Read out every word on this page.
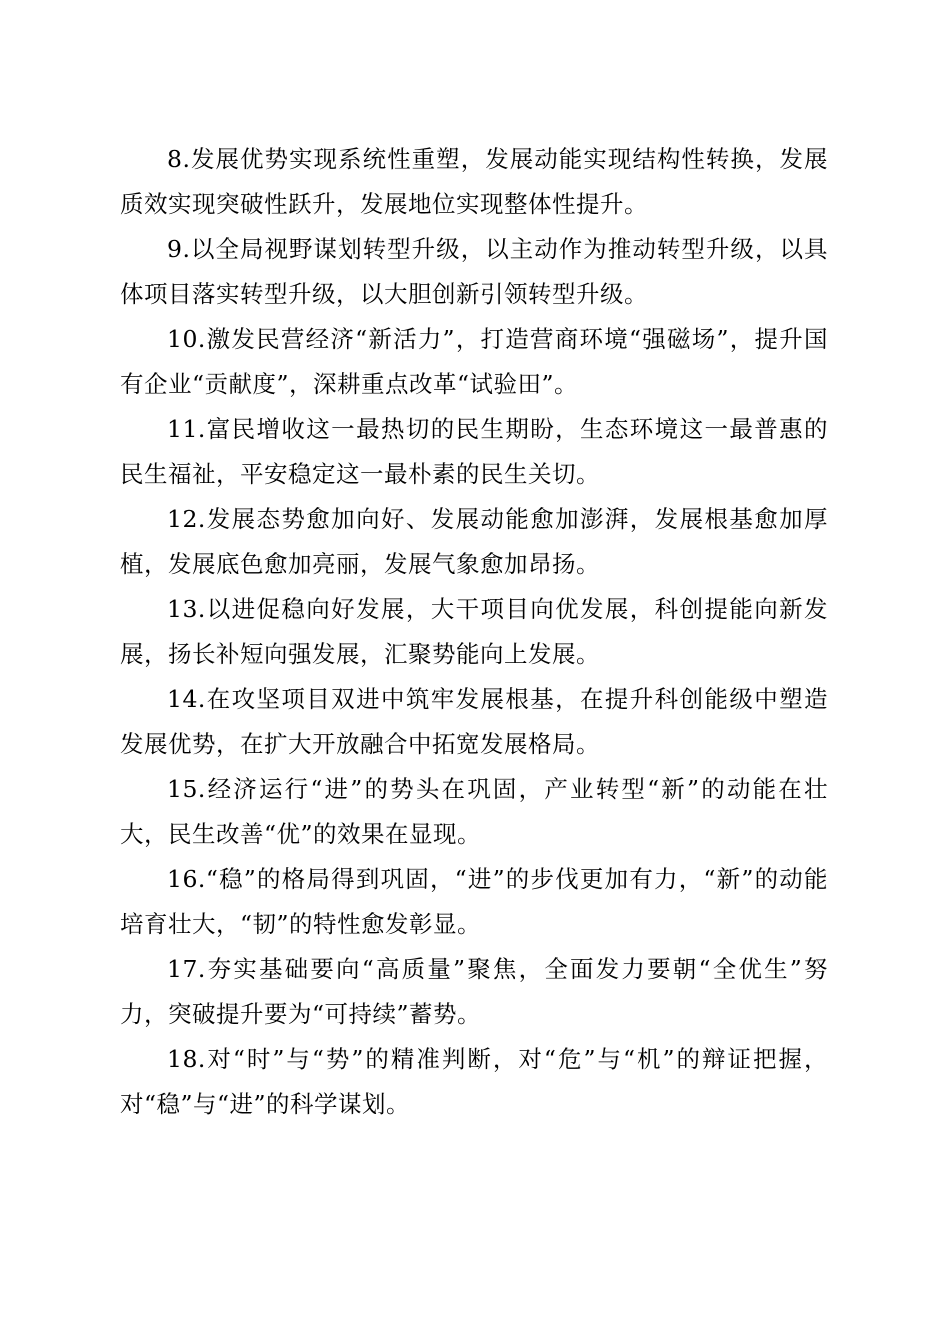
8.发展优势实现系统性重塑，发展动能实现结构性转换，发展质效实现突破性跃升，发展地位实现整体性提升。

9.以全局视野谋划转型升级，以主动作为推动转型升级，以具体项目落实转型升级，以大胆创新引领转型升级。

10.激发民营经济“新活力”，打造营商环境“强磁场”，提升国有企业“贡献度”，深耕重点改革“试验田”。

11.富民增收这一最热切的民生期盼，生态环境这一最普惠的民生福祉，平安稳定这一最朴素的民生关切。

12.发展态势愈加向好、发展动能愈加澎湃，发展根基愈加厚植，发展底色愈加亮丽，发展气象愈加昂扬。

13.以进促稳向好发展，大干项目向优发展，科创提能向新发展，扬长补短向强发展，汇聚势能向上发展。

14.在攻坚项目双进中筑牢发展根基，在提升科创能级中塑造发展优势，在扩大开放融合中拓宽发展格局。

15.经济运行“进”的势头在巩固，产业转型“新”的动能在壮大，民生改善“优”的效果在显现。

16.“稳”的格局得到巩固，“进”的步伐更加有力，“新”的动能培育壮大，“韧”的特性愈发彰显。

17.夯实基础要向“高质量”聚焦，全面发力要朝“全优生”努力，突破提升要为“可持续”蓄势。

18.对“时”与“势”的精准判断，对“危”与“机”的辩证把握，对“稳”与“进”的科学谋划。
